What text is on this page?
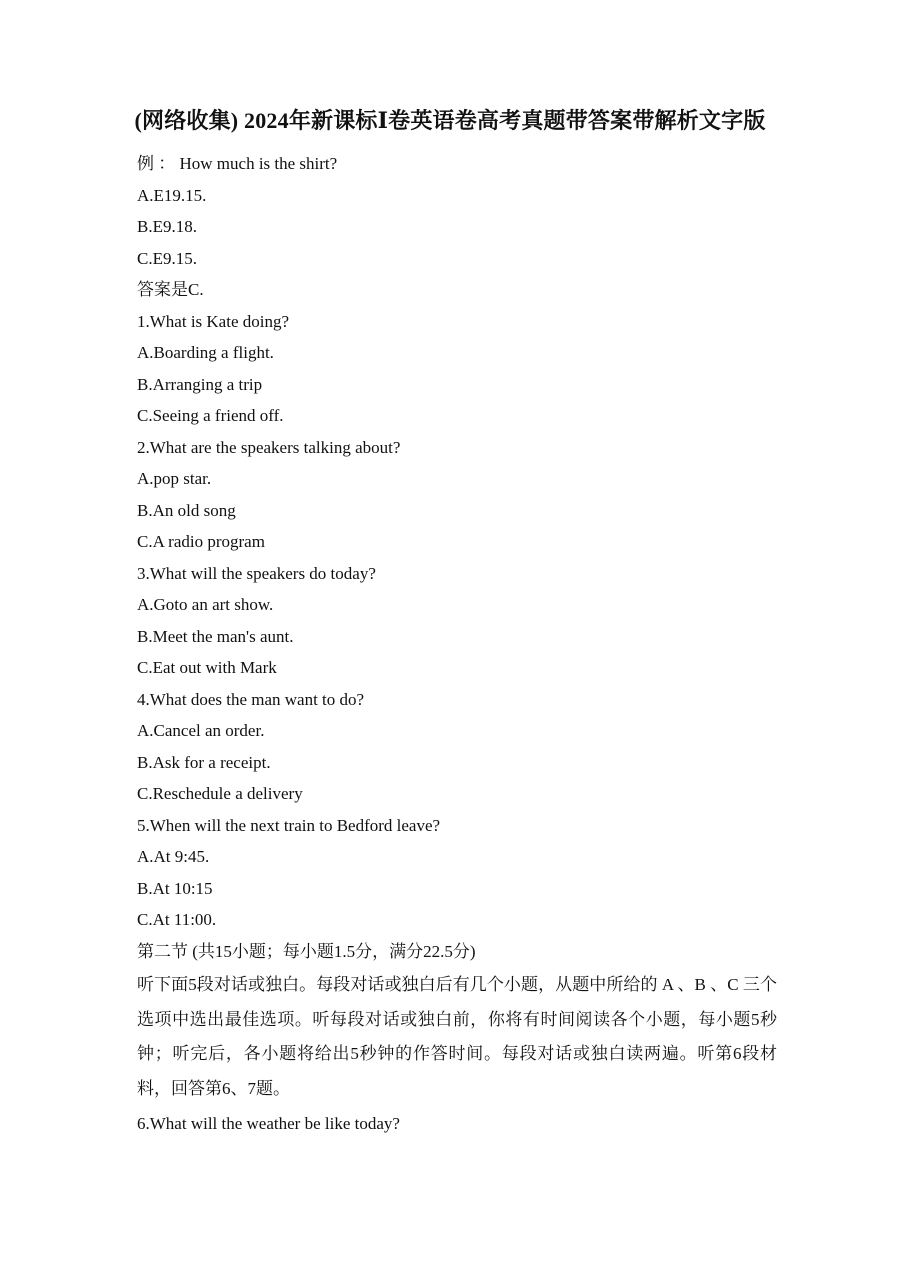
(网络收集) 2024年新课标Ⅰ卷英语卷高考真题带答案带解析文字版
例 ： How much is the shirt?
A.E19.15.
B.E9.18.
C.E9.15.
答案是C.
1.What is Kate doing?
A.Boarding a flight.
B.Arranging a trip
C.Seeing a friend off.
2.What are the speakers talking about?
A.pop star.
B.An old song
C.A radio program
3.What will the speakers do today?
A.Goto an art show.
B.Meet the man's aunt.
C.Eat out with Mark
4.What does the man want to do?
A.Cancel an order.
B.Ask for a receipt.
C.Reschedule a delivery
5.When will the next train to Bedford leave?
A.At 9:45.
B.At 10:15
C.At 11:00.
第二节 (共15小题；每小题1.5分，满分22.5分)
听下面5段对话或独白。每段对话或独白后有几个小题，从题中所给的 A 、B 、C 三个选项中选出最佳选项。听每段对话或独白前，你将有时间阅读各个小题，每小题5秒钟；听完后，各小题将给出5秒钟的作答时间。每段对话或独白读两遍。听第6段材料，回答第6、7题。
6.What will the weather be like today?
